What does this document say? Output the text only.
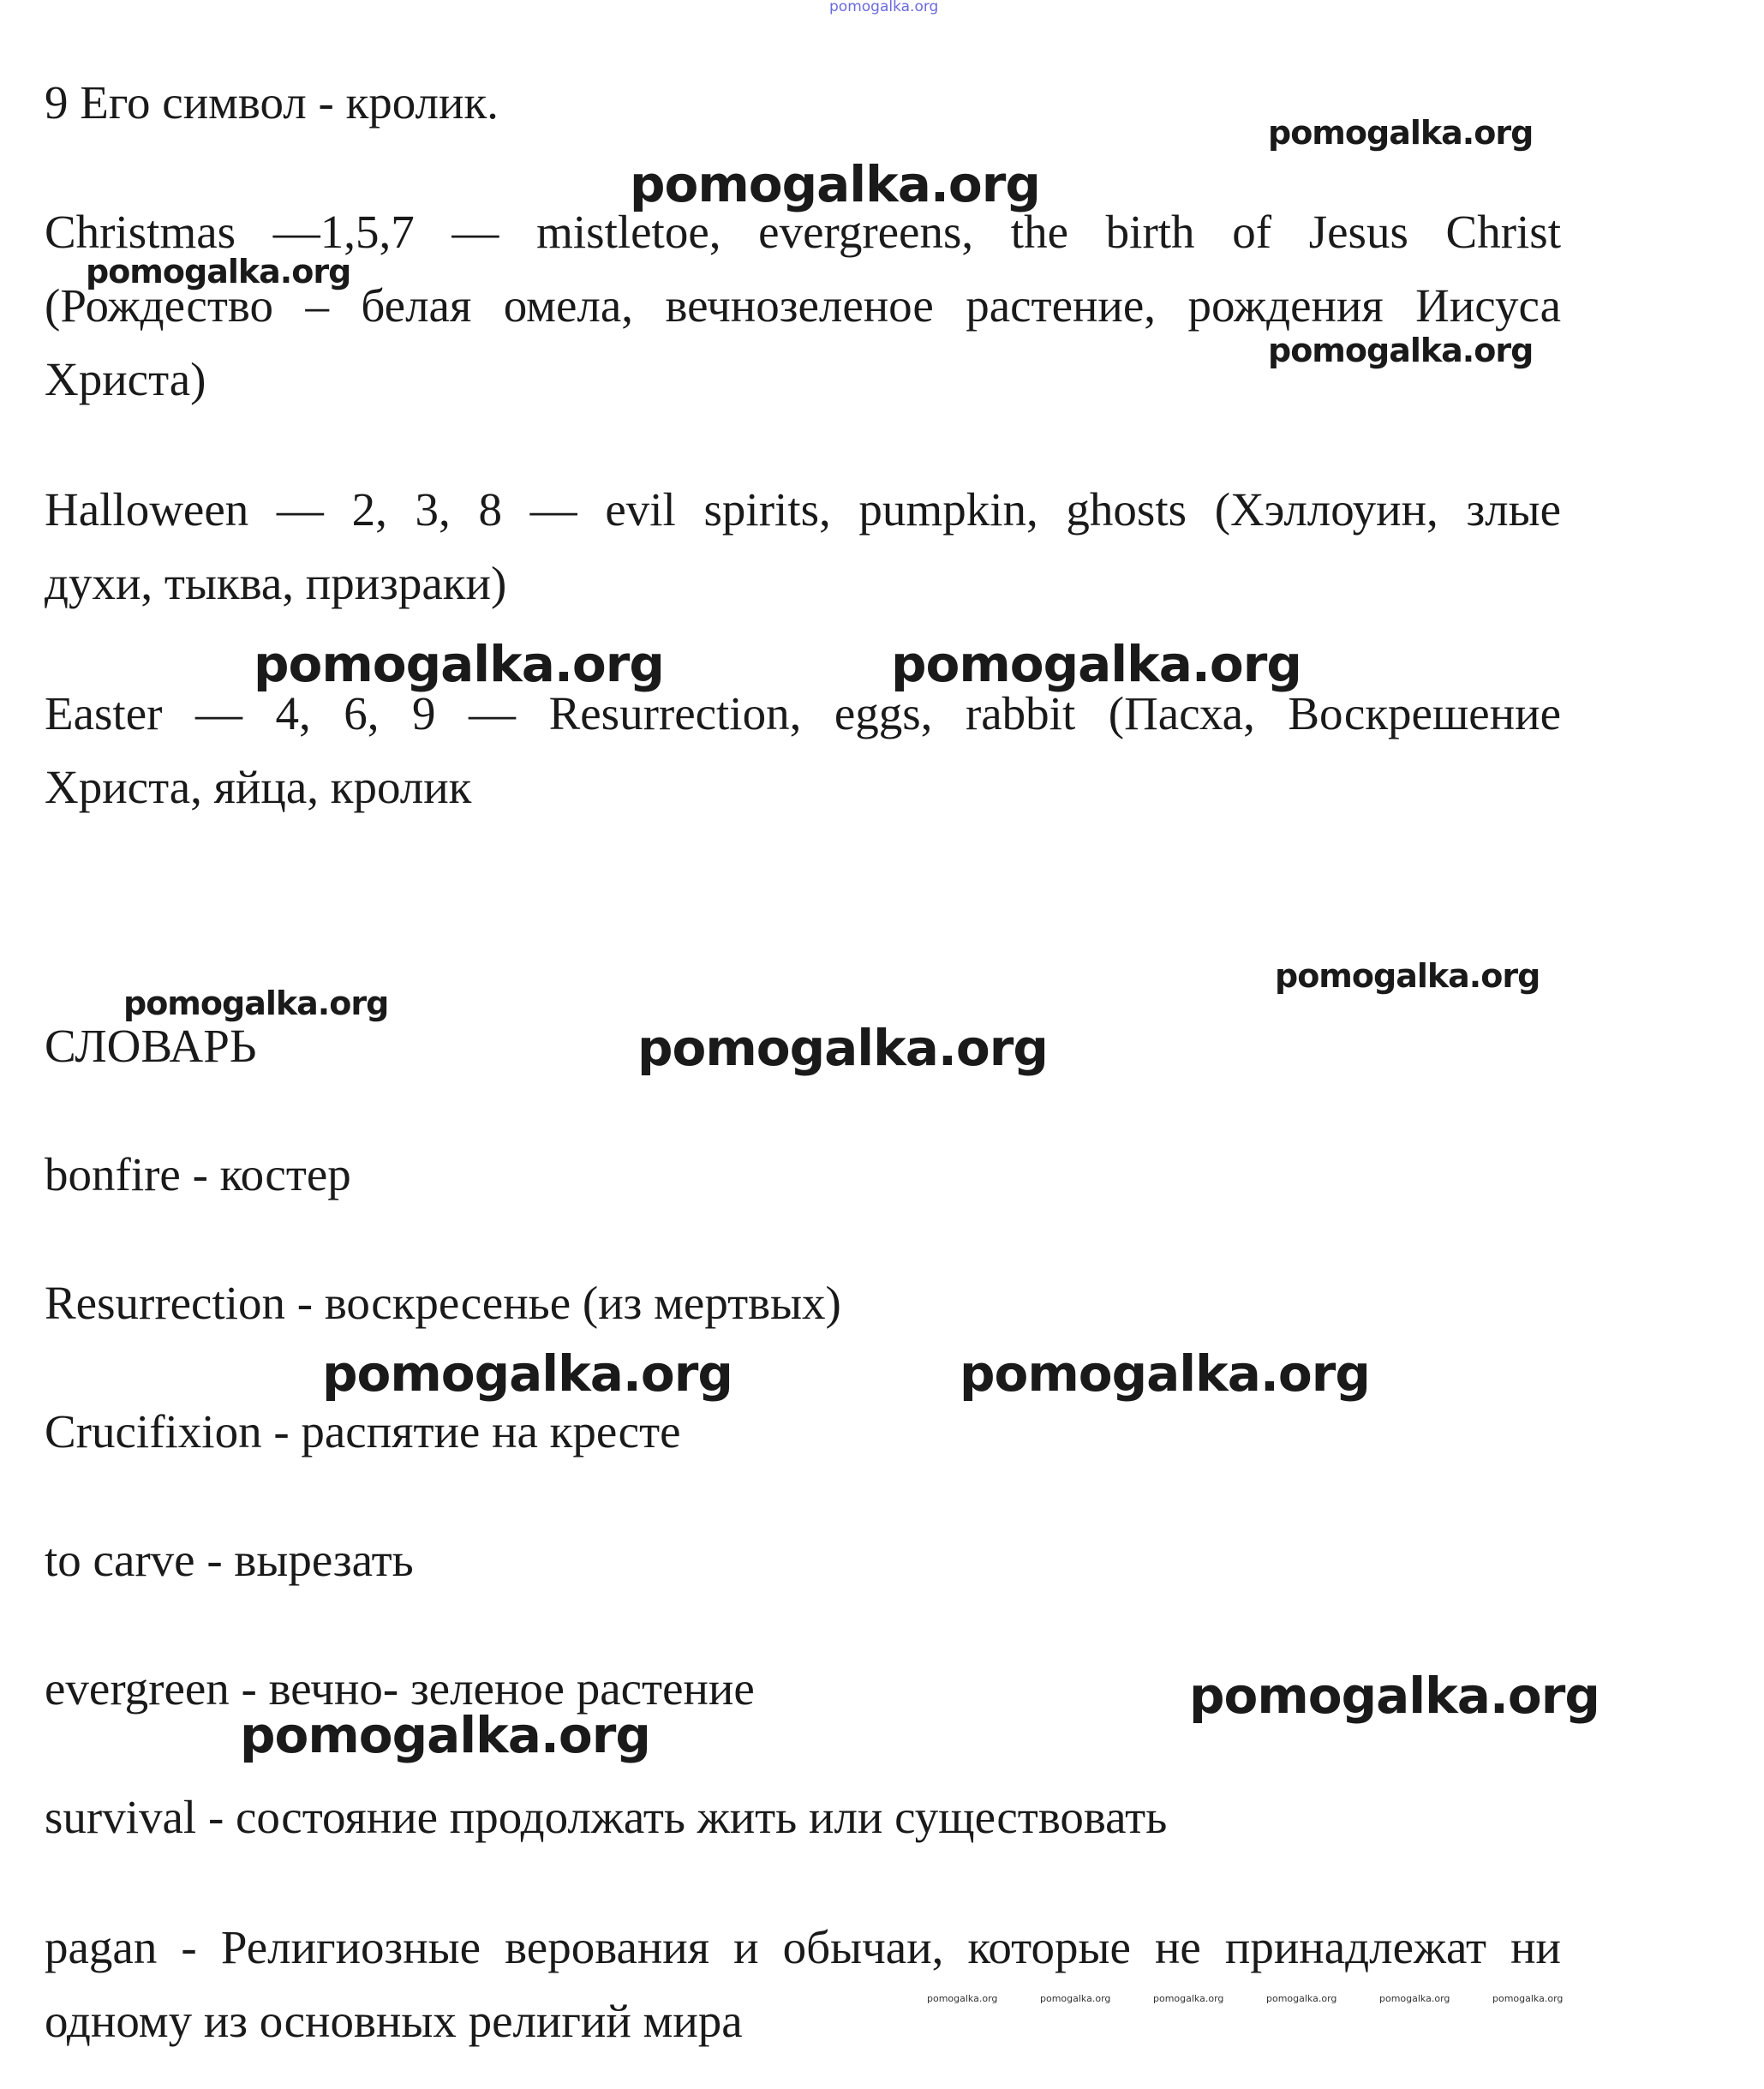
pomogalka.org

9 Его символ - кролик.

Christmas —1,5,7 — mistletoe, evergreens, the birth of Jesus Christ

(Рождество – белая омела, вечнозеленое растение, рождения Иисуса

Христа)

Halloween — 2, 3, 8 — evil spirits, pumpkin, ghosts (Хэллоуин, злые

духи, тыква, призраки)

Easter — 4, 6, 9 — Resurrection, eggs, rabbit (Пасха, Воскрешение

Христа, яйца, кролик

СЛОВАРЬ

bonfire - костер

Resurrection - воскресенье (из мертвых)

Crucifixion - распятие на кресте

to carve - вырезать

evergreen - вечно- зеленое растение

survival - состояние продолжать жить или существовать

pagan - Религиозные верования и обычаи, которые не принадлежат ни

одному из основных религий мира

pomogalka.org
pomogalka.org
pomogalka.org
pomogalka.org
pomogalka.org	pomogalka.org
pomogalka.org
pomogalka.org
pomogalka.org
pomogalka.org	pomogalka.org
pomogalka.org
pomogalka.org
pomogalka.org	pomogalka.org	pomogalka.org	pomogalka.org	pomogalka.org	pomogalka.org
